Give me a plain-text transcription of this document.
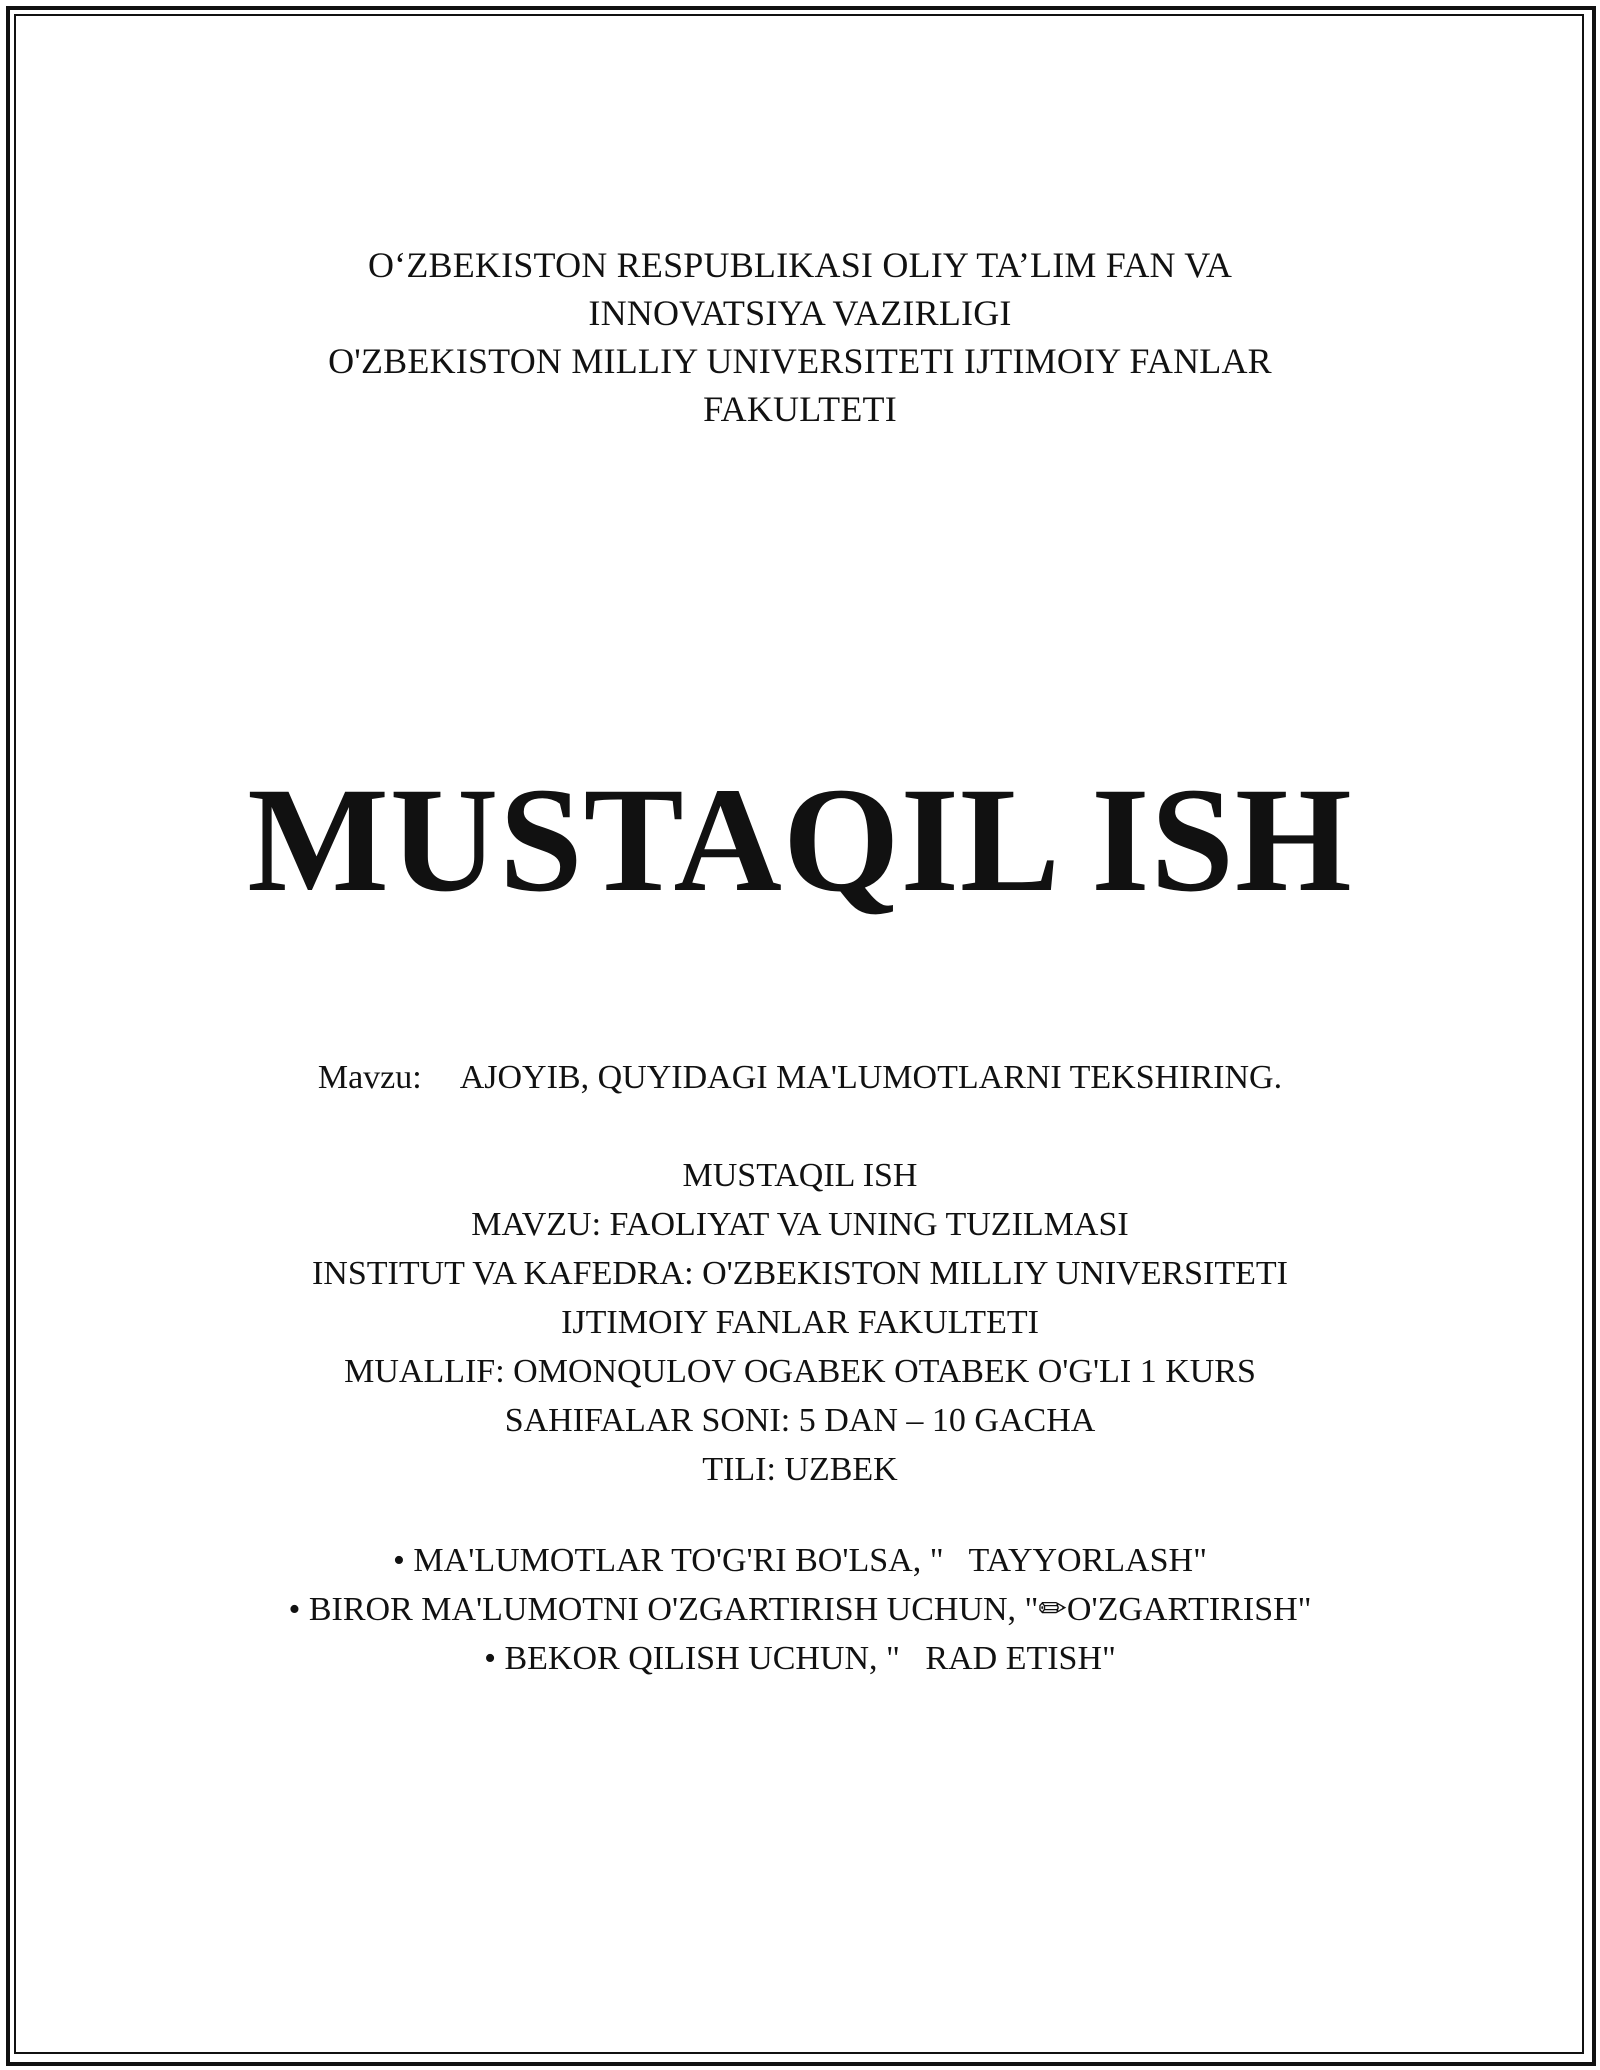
O‘ZBEKISTON RESPUBLIKASI OLIY TA’LIM FAN VA
INNOVATSIYA VAZIRLIGI
O'ZBEKISTON MILLIY UNIVERSITETI IJTIMOIY FANLAR
FAKULTETI
MUSTAQIL ISH
Mavzu: AJOYIB, QUYIDAGI MA'LUMOTLARNI TEKSHIRING.
MUSTAQIL ISH
MAVZU: FAOLIYAT VA UNING TUZILMASI
INSTITUT VA KAFEDRA: O'ZBEKISTON MILLIY UNIVERSITETI
IJTIMOIY FANLAR FAKULTETI
MUALLIF: OMONQULOV OGABEK OTABEK O'G'LI 1 KURS
SAHIFALAR SONI: 5 DAN – 10 GACHA
TILI: UZBEK
• MA'LUMOTLAR TO'G'RI BO'LSA, "   TAYYORLASH"
• BIROR MA'LUMOTNI O'ZGARTIRISH UCHUN, "✏O'ZGARTIRISH"
• BEKOR QILISH UCHUN, "   RAD ETISH"
